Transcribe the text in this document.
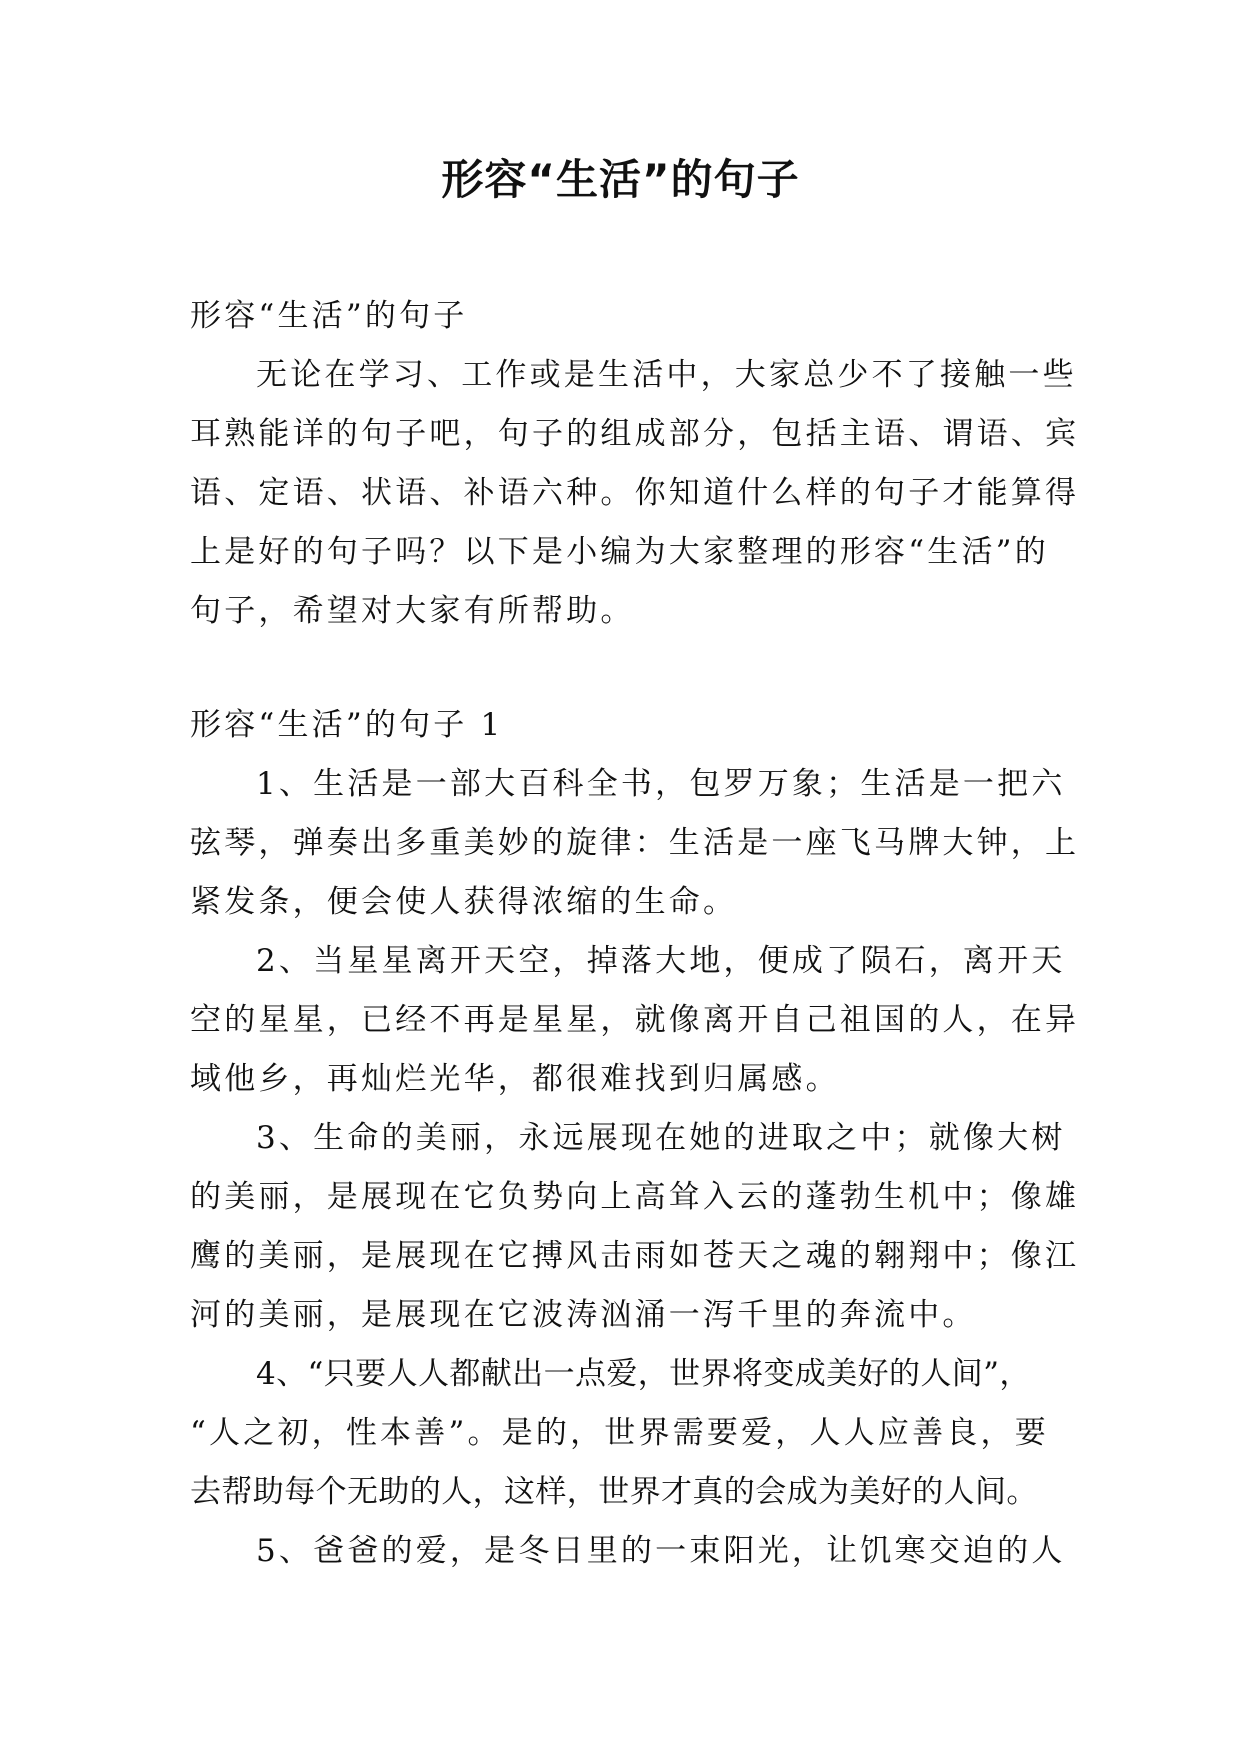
形容“生活”的句子
形容“生活”的句子
无论在学习、工作或是生活中，大家总少不了接触一些
耳熟能详的句子吧，句子的组成部分，包括主语、谓语、宾
语、定语、状语、补语六种。你知道什么样的句子才能算得
上是好的句子吗？以下是小编为大家整理的形容“生活”的
句子，希望对大家有所帮助。
形容“生活”的句子 1
1、生活是一部大百科全书，包罗万象；生活是一把六
弦琴，弹奏出多重美妙的旋律：生活是一座飞马牌大钟，上
紧发条，便会使人获得浓缩的生命。
2、当星星离开天空，掉落大地，便成了陨石，离开天
空的星星，已经不再是星星，就像离开自己祖国的人，在异
域他乡，再灿烂光华，都很难找到归属感。
3、生命的美丽，永远展现在她的进取之中；就像大树
的美丽，是展现在它负势向上高耸入云的蓬勃生机中；像雄
鹰的美丽，是展现在它搏风击雨如苍天之魂的翱翔中；像江
河的美丽，是展现在它波涛汹涌一泻千里的奔流中。
4、“只要人人都献出一点爱，世界将变成美好的人间”，
“人之初，性本善”。是的，世界需要爱，人人应善良，要
去帮助每个无助的人，这样，世界才真的会成为美好的人间。
5、爸爸的爱，是冬日里的一束阳光，让饥寒交迫的人
